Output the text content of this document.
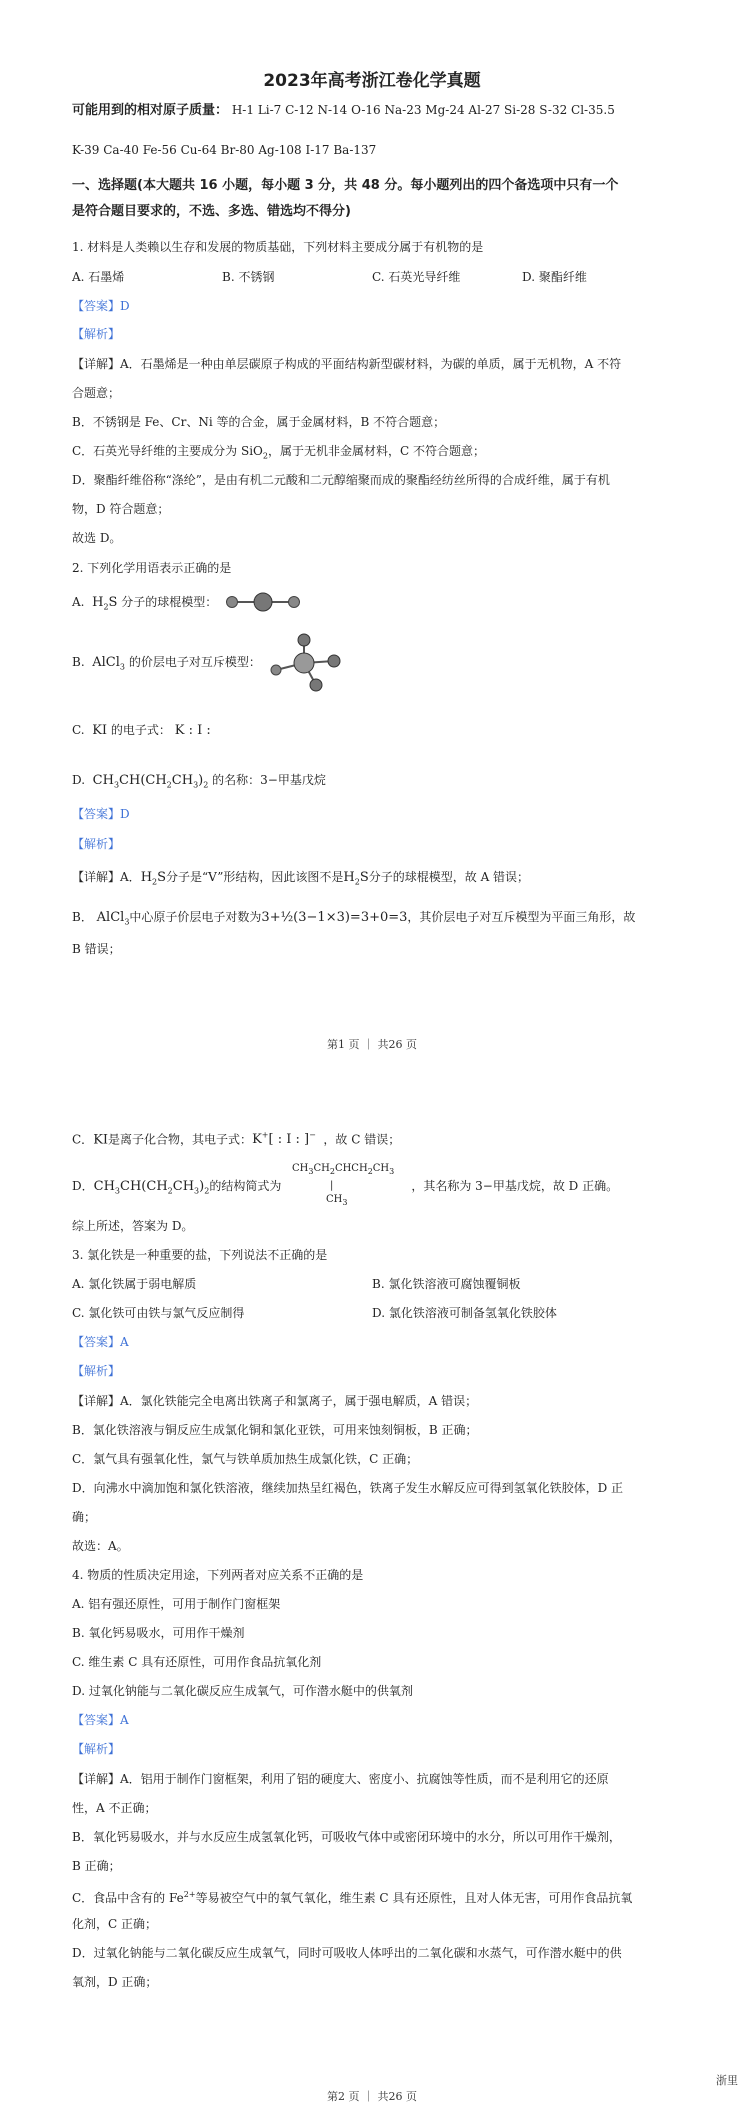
2023年高考浙江卷化学真题
可能用到的相对原子质量： H-1 Li-7 C-12 N-14 O-16 Na-23 Mg-24 Al-27 Si-28 S-32 Cl-35.5
K-39 Ca-40 Fe-56 Cu-64 Br-80 Ag-108 I-17 Ba-137
一、选择题(本大题共 16 小题，每小题 3 分，共 48 分。每小题列出的四个备选项中只有一个
是符合题目要求的，不选、多选、错选均不得分)
1. 材料是人类赖以生存和发展的物质基础，下列材料主要成分属于有机物的是
A. 石墨烯	B. 不锈钢	C. 石英光导纤维	D. 聚酯纤维
【答案】D
【解析】
【详解】A．石墨烯是一种由单层碳原子构成的平面结构新型碳材料，为碳的单质，属于无机物，A 不符
合题意；
B．不锈钢是 Fe、Cr、Ni 等的合金，属于金属材料，B 不符合题意；
C．石英光导纤维的主要成分为 SiO$_2$，属于无机非金属材料，C 不符合题意；
D．聚酯纤维俗称“涤纶”，是由有机二元酸和二元醇缩聚而成的聚酯经纺丝所得的合成纤维，属于有机
物，D 符合题意；
故选 D。
2. 下列化学用语表示正确的是
A.  $H_2S$ 分子的球棍模型：
B.  AlCl$_3$ 的价层电子对互斥模型：
C.  KI 的电子式： K : I :
D.  $CH_3CH(CH_2CH_3)_2$ 的名称：3−甲基戊烷
【答案】D
【解析】
【详解】A．$H_2S$分子是“V”形结构，因此该图不是$H_2S$分子的球棍模型，故 A 错误；
B． AlCl$_3$中心原子价层电子对数为3+½(3−1×3)=3+0=3，其价层电子对互斥模型为平面三角形，故
B 错误；
第1 页 ｜ 共26 页
C．KI是离子化合物，其电子式：K+[ : I : ]− ，故 C 错误；
D．$CH_3CH(CH_2CH_3)_2$的结构简式为	，其名称为 3−甲基戊烷，故 D 正确。
$CH_3CH_2CHCH_2CH_3$
|
$CH_3$
综上所述，答案为 D。
3. 氯化铁是一种重要的盐，下列说法不正确的是
A. 氯化铁属于弱电解质	B. 氯化铁溶液可腐蚀覆铜板
C. 氯化铁可由铁与氯气反应制得	D. 氯化铁溶液可制备氢氧化铁胶体
【答案】A
【解析】
【详解】A．氯化铁能完全电离出铁离子和氯离子，属于强电解质，A 错误；
B．氯化铁溶液与铜反应生成氯化铜和氯化亚铁，可用来蚀刻铜板，B 正确；
C．氯气具有强氧化性，氯气与铁单质加热生成氯化铁，C 正确；
D．向沸水中滴加饱和氯化铁溶液，继续加热呈红褐色，铁离子发生水解反应可得到氢氧化铁胶体，D 正
确；
故选：A。
4. 物质的性质决定用途，下列两者对应关系不正确的是
A. 铝有强还原性，可用于制作门窗框架
B. 氧化钙易吸水，可用作干燥剂
C. 维生素 C 具有还原性，可用作食品抗氧化剂
D. 过氧化钠能与二氧化碳反应生成氧气，可作潜水艇中的供氧剂
【答案】A
【解析】
【详解】A．铝用于制作门窗框架，利用了铝的硬度大、密度小、抗腐蚀等性质，而不是利用它的还原
性，A 不正确；
B．氧化钙易吸水，并与水反应生成氢氧化钙，可吸收气体中或密闭环境中的水分，所以可用作干燥剂，
B 正确；
C．食品中含有的 $Fe^{2+}$等易被空气中的氧气氧化，维生素 C 具有还原性，且对人体无害，可用作食品抗氧
化剂，C 正确；
D．过氧化钠能与二氧化碳反应生成氧气，同时可吸收人体呼出的二氧化碳和水蒸气，可作潜水艇中的供
氧剂，D 正确；
浙里
第2 页 ｜ 共26 页
